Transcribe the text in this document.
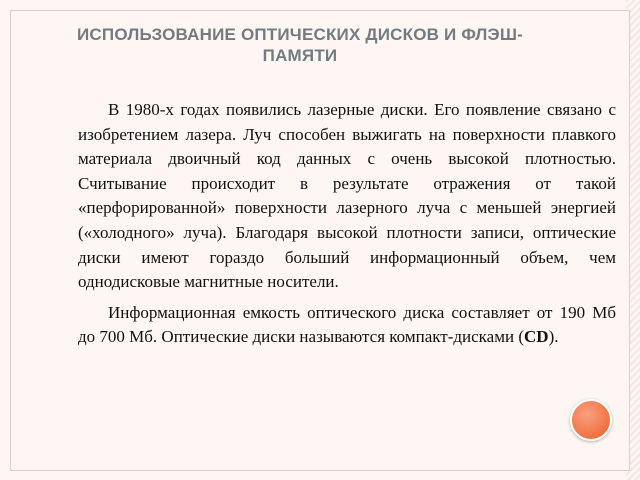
ИСПОЛЬЗОВАНИЕ ОПТИЧЕСКИХ ДИСКОВ И ФЛЭШ-ПАМЯТИ

В 1980-х годах появились лазерные диски. Его появление связано с изобретением лазера. Луч способен выжигать на поверхности плавкого материала двоичный код данных с очень высокой плотностью. Считывание происходит в результате отражения от такой «перфорированной» поверхности лазерного луча с меньшей энергией («холодного» луча). Благодаря высокой плотности записи, оптические диски имеют гораздо больший информационный объем, чем однодисковые магнитные носители.

Информационная емкость оптического диска составляет от 190 Мб до 700 Мб. Оптические диски называются компакт-дисками (CD).
